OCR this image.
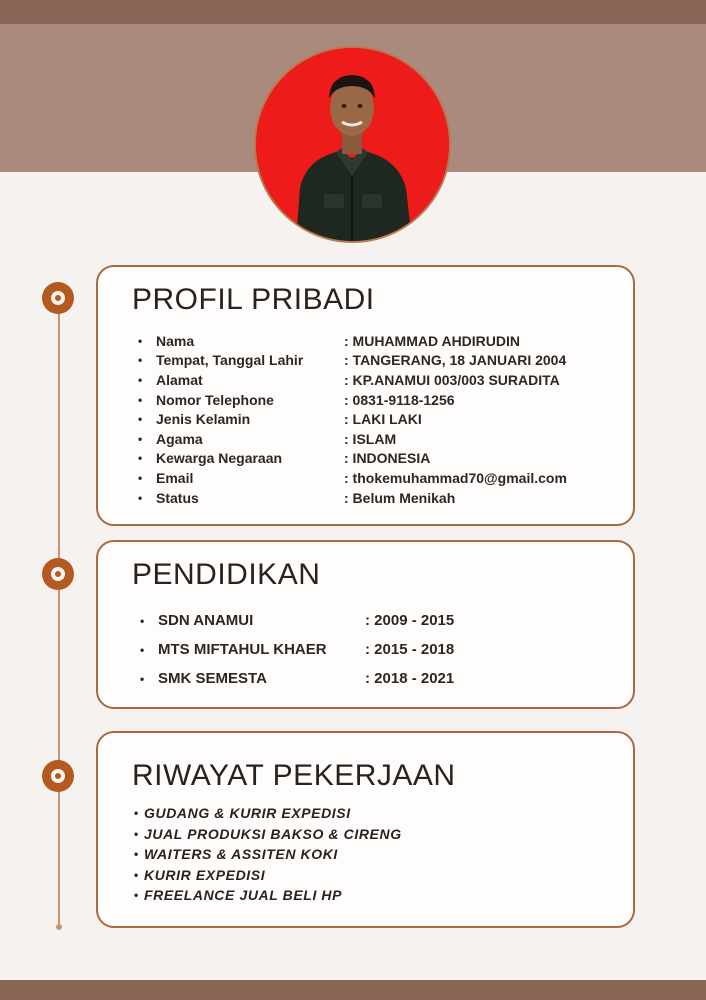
PROFIL PRIBADI
• Nama	: MUHAMMAD AHDIRUDIN
• Tempat, Tanggal Lahir	: TANGERANG, 18 JANUARI 2004
• Alamat	: KP.ANAMUI 003/003 SURADITA
• Nomor Telephone	: 0831-9118-1256
• Jenis Kelamin	: LAKI LAKI
• Agama	: ISLAM
• Kewarga Negaraan	: INDONESIA
• Email	: thokemuhammad70@gmail.com
• Status	: Belum Menikah
PENDIDIKAN
• SDN ANAMUI	: 2009 - 2015
• MTS MIFTAHUL KHAER	: 2015 - 2018
• SMK SEMESTA	: 2018 - 2021
RIWAYAT PEKERJAAN
• GUDANG & KURIR EXPEDISI
• JUAL PRODUKSI BAKSO & CIRENG
• WAITERS & ASSITEN KOKI
• KURIR EXPEDISI
• FREELANCE JUAL BELI HP
